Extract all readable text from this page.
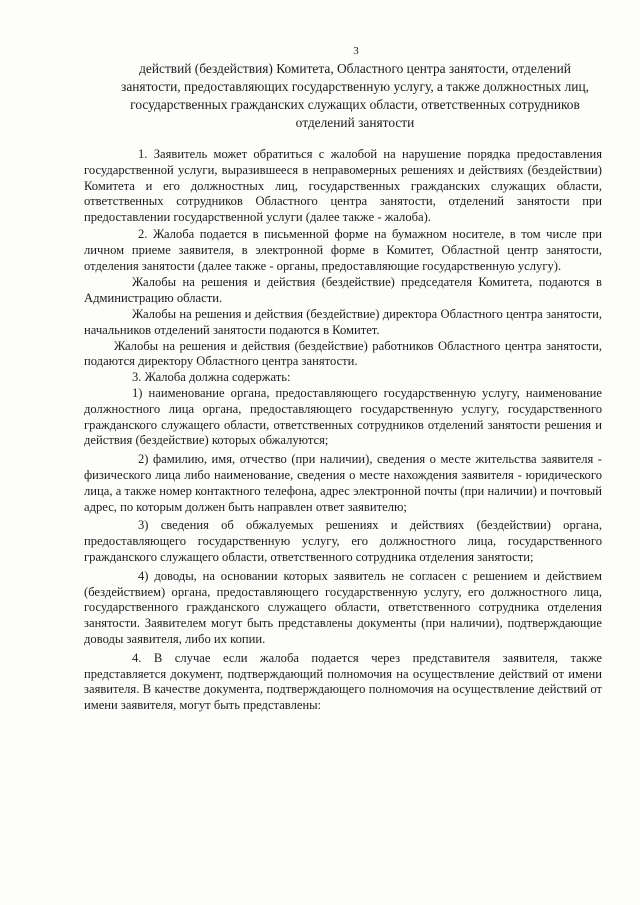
3
действий (бездействия) Комитета, Областного центра занятости, отделений занятости, предоставляющих государственную услугу, а также должностных лиц, государственных гражданских служащих области, ответственных сотрудников отделений занятости

1. Заявитель может обратиться с жалобой на нарушение порядка предоставления государственной услуги, выразившееся в неправомерных решениях и действиях (бездействии) Комитета и его должностных лиц, государственных гражданских служащих области, ответственных сотрудников Областного центра занятости, отделений занятости при предоставлении государственной услуги (далее также - жалоба).

2. Жалоба подается в письменной форме на бумажном носителе, в том числе при личном приеме заявителя, в электронной форме в Комитет, Областной центр занятости, отделения занятости (далее также - органы, предоставляющие государственную услугу).

Жалобы на решения и действия (бездействие) председателя Комитета, подаются в Администрацию области.

Жалобы на решения и действия (бездействие) директора Областного центра занятости, начальников отделений занятости подаются в Комитет.

Жалобы на решения и действия (бездействие) работников Областного центра занятости, подаются директору Областного центра занятости.

3. Жалоба должна содержать:

1) наименование органа, предоставляющего государственную услугу, наименование должностного лица органа, предоставляющего государственную услугу, государственного гражданского служащего области, ответственных сотрудников отделений занятости решения и действия (бездействие) которых обжалуются;

2) фамилию, имя, отчество (при наличии), сведения о месте жительства заявителя - физического лица либо наименование, сведения о месте нахождения заявителя - юридического лица, а также номер контактного телефона, адрес электронной почты (при наличии) и почтовый адрес, по которым должен быть направлен ответ заявителю;

3) сведения об обжалуемых решениях и действиях (бездействии) органа, предоставляющего государственную услугу, его должностного лица, государственного гражданского служащего области, ответственного сотрудника отделения занятости;

4) доводы, на основании которых заявитель не согласен с решением и действием (бездействием) органа, предоставляющего государственную услугу, его должностного лица, государственного гражданского служащего области, ответственного сотрудника отделения занятости. Заявителем могут быть представлены документы (при наличии), подтверждающие доводы заявителя, либо их копии.

4. В случае если жалоба подается через представителя заявителя, также представляется документ, подтверждающий полномочия на осуществление действий от имени заявителя. В качестве документа, подтверждающего полномочия на осуществление действий от имени заявителя, могут быть представлены:
